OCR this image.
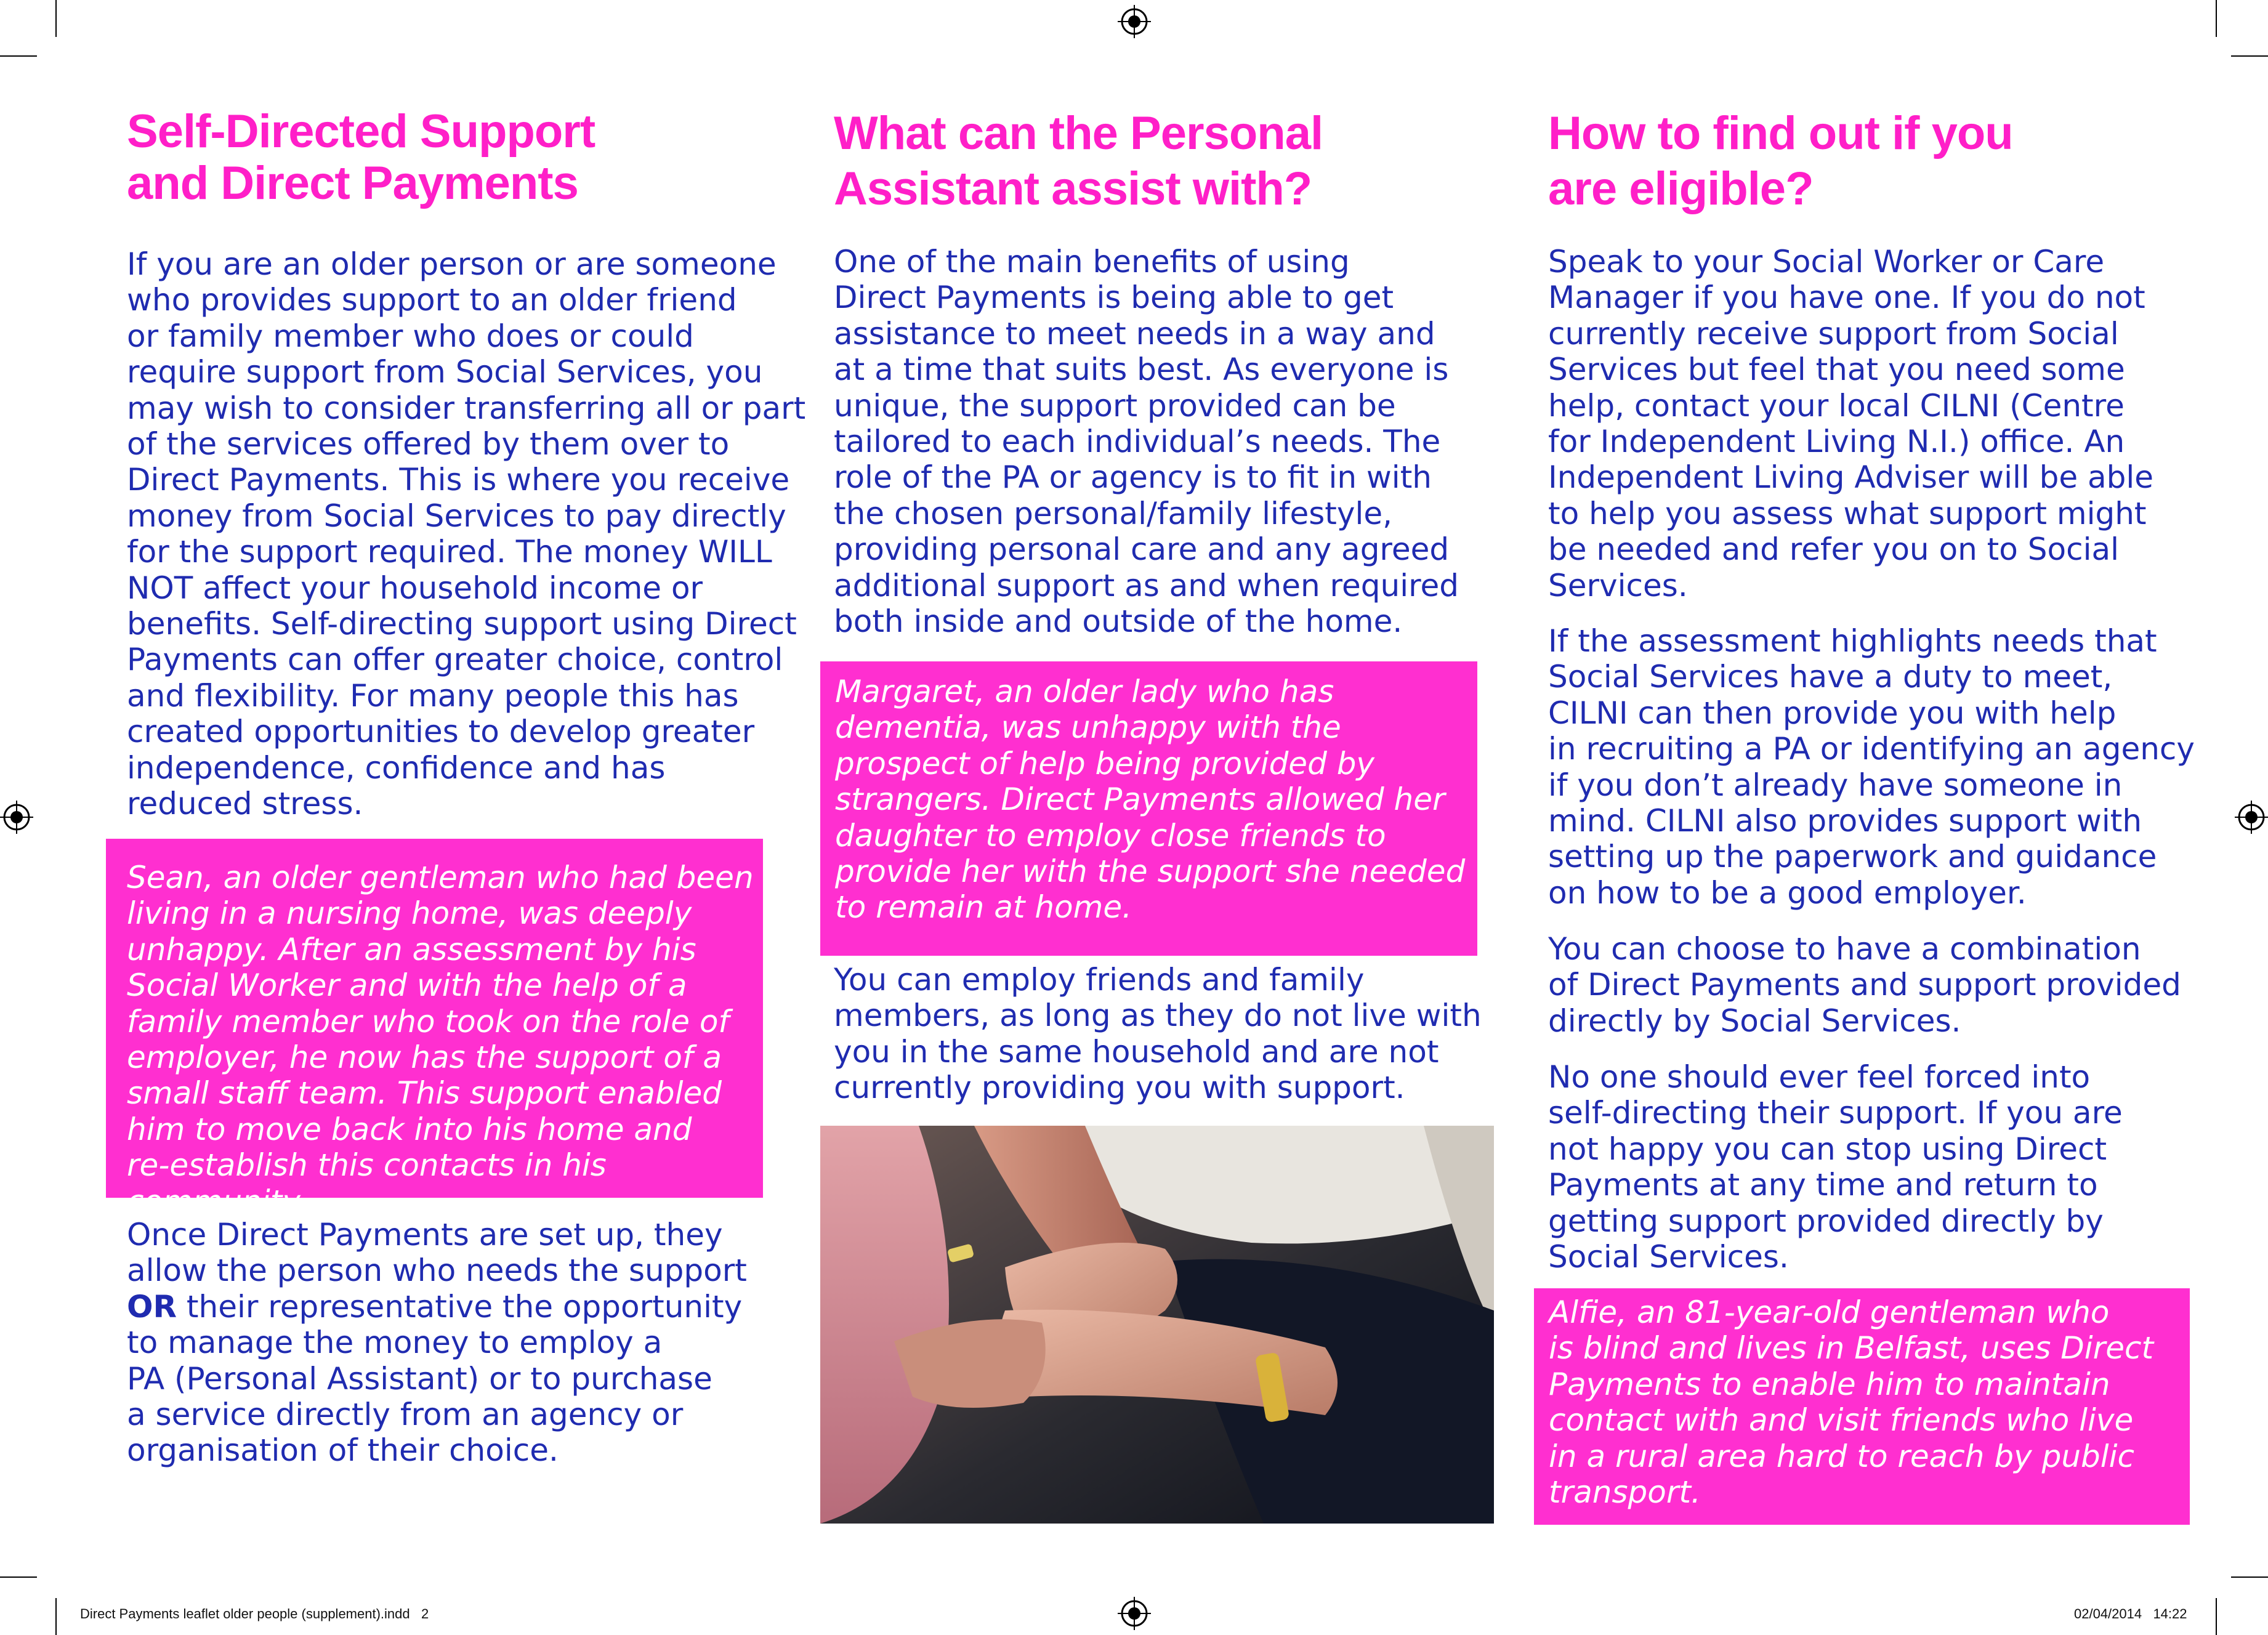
Self-Directed Support
and Direct Payments

If you are an older person or are someone
who provides support to an older friend
or family member who does or could
require support from Social Services, you
may wish to consider transferring all or part
of the services offered by them over to
Direct Payments. This is where you receive
money from Social Services to pay directly
for the support required. The money WILL
NOT affect your household income or
benefits. Self-directing support using Direct
Payments can offer greater choice, control
and flexibility. For many people this has
created opportunities to develop greater
independence, confidence and has
reduced stress.

Sean, an older gentleman who had been
living in a nursing home, was deeply
unhappy. After an assessment by his
Social Worker and with the help of a
family member who took on the role of
employer, he now has the support of a
small staff team. This support enabled
him to move back into his home and
re-establish this contacts in his community.

Once Direct Payments are set up, they
allow the person who needs the support
OR their representative the opportunity
to manage the money to employ a
PA (Personal Assistant) or to purchase
a service directly from an agency or
organisation of their choice.

What can the Personal
Assistant assist with?

One of the main benefits of using
Direct Payments is being able to get
assistance to meet needs in a way and
at a time that suits best. As everyone is
unique, the support provided can be
tailored to each individual’s needs. The
role of the PA or agency is to fit in with
the chosen personal/family lifestyle,
providing personal care and any agreed
additional support as and when required
both inside and outside of the home.

Margaret, an older lady who has
dementia, was unhappy with the
prospect of help being provided by
strangers. Direct Payments allowed her
daughter to employ close friends to
provide her with the support she needed
to remain at home.

You can employ friends and family
members, as long as they do not live with
you in the same household and are not
currently providing you with support.

How to find out if you
are eligible?

Speak to your Social Worker or Care
Manager if you have one. If you do not
currently receive support from Social
Services but feel that you need some
help, contact your local CILNI (Centre
for Independent Living N.I.) office. An
Independent Living Adviser will be able
to help you assess what support might
be needed and refer you on to Social
Services.

If the assessment highlights needs that
Social Services have a duty to meet,
CILNI can then provide you with help
in recruiting a PA or identifying an agency
if you don’t already have someone in
mind. CILNI also provides support with
setting up the paperwork and guidance
on how to be a good employer.

You can choose to have a combination
of Direct Payments and support provided
directly by Social Services.

No one should ever feel forced into
self-directing their support. If you are
not happy you can stop using Direct
Payments at any time and return to
getting support provided directly by
Social Services.

Alfie, an 81-year-old gentleman who
is blind and lives in Belfast, uses Direct
Payments to enable him to maintain
contact with and visit friends who live
in a rural area hard to reach by public
transport.

Direct Payments leaflet older people (supplement).indd   2	02/04/2014   14:22
